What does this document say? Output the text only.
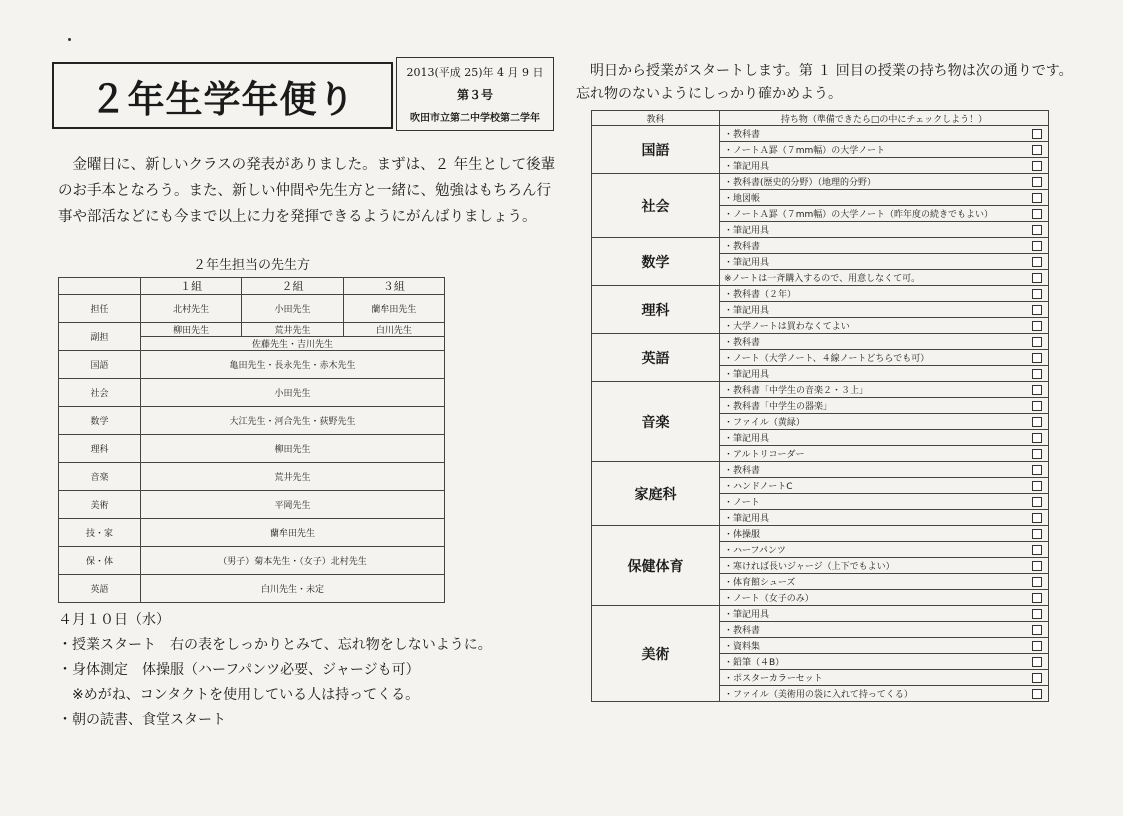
２年生学年便り
2013(平成 25)年 4 月 9 日
第３号
吹田市立第二中学校第二学年
金曜日に、新しいクラスの発表がありました。まずは、２ 年生として後輩のお手本となろう。また、新しい仲間や先生方と一緒に、勉強はもちろん行事や部活などにも今まで以上に力を発揮できるようにがんばりましょう。
２年生担当の先生方
	１組	２組	３組
担任	北村先生	小田先生	蘭牟田先生
副担	柳田先生	荒井先生	白川先生
	佐藤先生・吉川先生		
国語	亀田先生・長永先生・赤木先生		
社会	小田先生		
数学	大江先生・河合先生・荻野先生		
理科	柳田先生		
音楽	荒井先生		
美術	平岡先生		
技・家	蘭牟田先生		
保・体	（男子）菊本先生・（女子）北村先生		
英語	白川先生・未定		
４月１０日（水）
・授業スタート　右の表をしっかりとみて、忘れ物をしないように。
・身体測定　体操服（ハーフパンツ必要、ジャージも可）
　※めがね、コンタクトを使用している人は持ってくる。
・朝の読書、食堂スタート
明日から授業がスタートします。第 １ 回目の授業の持ち物は次の通りです。
忘れ物のないようにしっかり確かめよう。
教科	持ち物（準備できたら□の中にチェックしよう！）
国語	・教科書

	・ノートＡ罫（７mm幅）の大学ノート

	・筆記用具

社会	・教科書(歴史的分野）（地理的分野）

	・地図帳

	・ノートＡ罫（７mm幅）の大学ノート（昨年度の続きでもよい）

	・筆記用具

数学	・教科書

	・筆記用具

	※ノートは一斉購入するので、用意しなくて可。

理科	・教科書（２年）

	・筆記用具

	・大学ノートは買わなくてよい

英語	・教科書

	・ノート（大学ノート、４線ノートどちらでも可）

	・筆記用具

音楽	・教科書「中学生の音楽２・３上」

	・教科書「中学生の器楽」

	・ファイル（黄緑）

	・筆記用具

	・アルトリコーダー

家庭科	・教科書

	・ハンドノートC

	・ノート

	・筆記用具

保健体育	・体操服

	・ハーフパンツ

	・寒ければ長いジャージ（上下でもよい）

	・体育館シューズ

	・ノート（女子のみ）

美術	・筆記用具

	・教科書

	・資料集

	・鉛筆（４B）

	・ポスターカラーセット

	・ファイル（美術用の袋に入れて持ってくる）
